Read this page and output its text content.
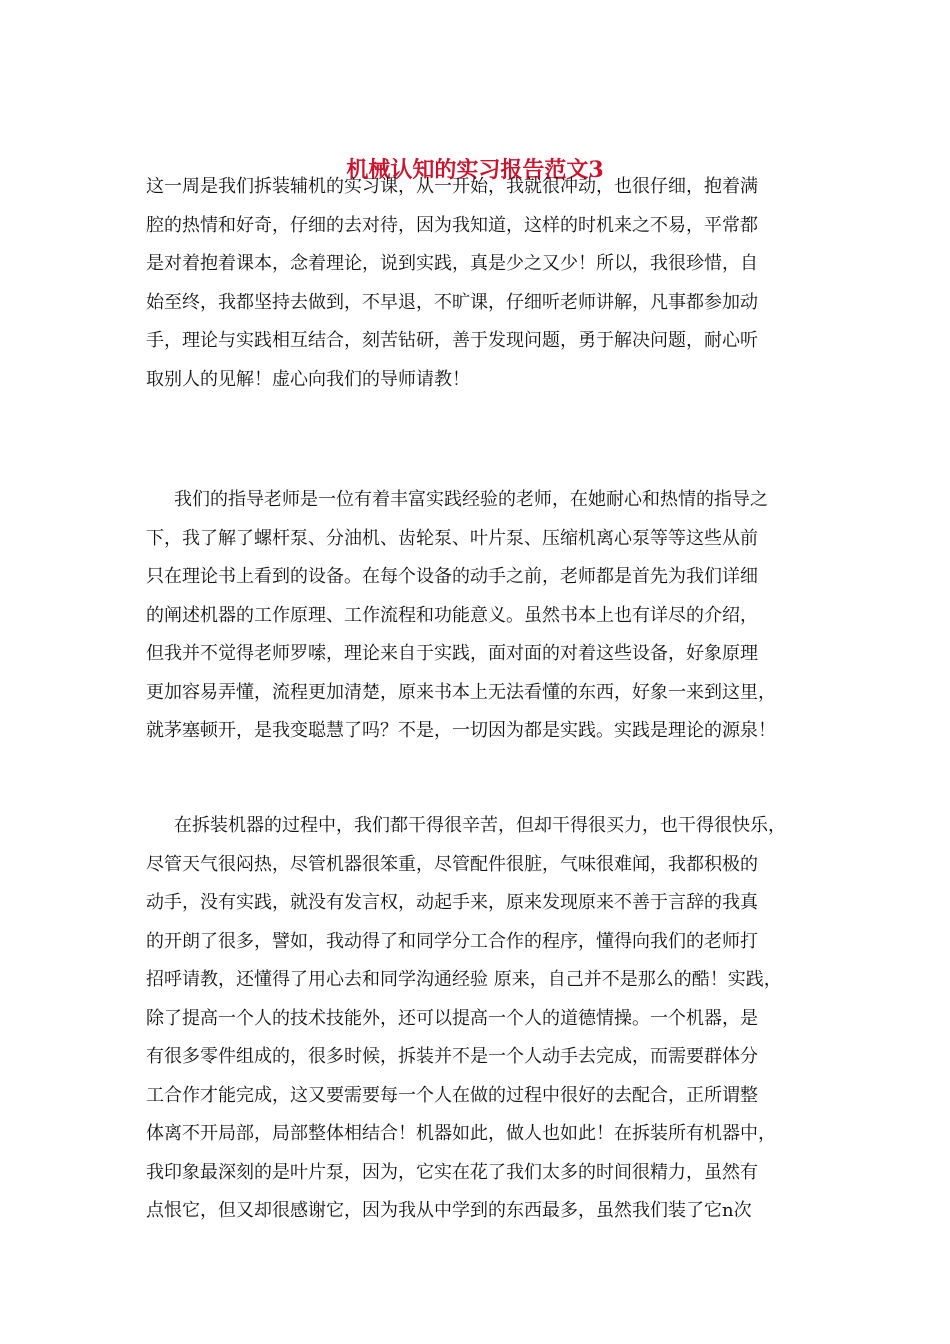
机械认知的实习报告范文3
这一周是我们拆装辅机的实习课，从一开始，我就很冲动，也很仔细，抱着满
腔的热情和好奇，仔细的去对待，因为我知道，这样的时机来之不易，平常都
是对着抱着课本，念着理论，说到实践，真是少之又少！所以，我很珍惜，自
始至终，我都坚持去做到，不早退，不旷课，仔细听老师讲解，凡事都参加动
手，理论与实践相互结合，刻苦钻研，善于发现问题，勇于解决问题，耐心听
取别人的见解！虚心向我们的导师请教！
我们的指导老师是一位有着丰富实践经验的老师，在她耐心和热情的指导之
下，我了解了螺杆泵、分油机、齿轮泵、叶片泵、压缩机离心泵等等这些从前
只在理论书上看到的设备。在每个设备的动手之前，老师都是首先为我们详细
的阐述机器的工作原理、工作流程和功能意义。虽然书本上也有详尽的介绍，
但我并不觉得老师罗嗦，理论来自于实践，面对面的对着这些设备，好象原理
更加容易弄懂，流程更加清楚，原来书本上无法看懂的东西，好象一来到这里，
就茅塞顿开，是我变聪慧了吗？不是，一切因为都是实践。实践是理论的源泉！
在拆装机器的过程中，我们都干得很辛苦，但却干得很买力，也干得很快乐，
尽管天气很闷热，尽管机器很笨重，尽管配件很脏，气味很难闻，我都积极的
动手，没有实践，就没有发言权，动起手来，原来发现原来不善于言辞的我真
的开朗了很多，譬如，我动得了和同学分工合作的程序，懂得向我们的老师打
招呼请教，还懂得了用心去和同学沟通经验 原来，自己并不是那么的酷！实践，
除了提高一个人的技术技能外，还可以提高一个人的道德情操。一个机器，是
有很多零件组成的，很多时候，拆装并不是一个人动手去完成，而需要群体分
工合作才能完成，这又要需要每一个人在做的过程中很好的去配合，正所谓整
体离不开局部，局部整体相结合！机器如此，做人也如此！在拆装所有机器中，
我印象最深刻的是叶片泵，因为，它实在花了我们太多的时间很精力，虽然有
点恨它，但又却很感谢它，因为我从中学到的东西最多，虽然我们装了它n次
